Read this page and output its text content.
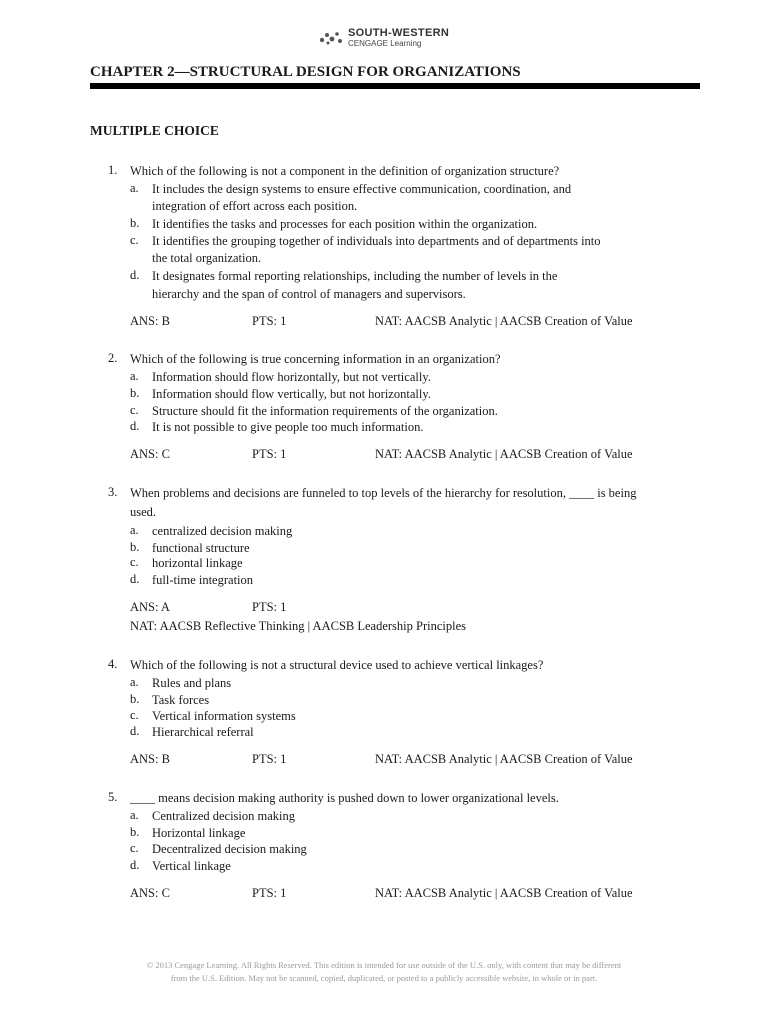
SOUTH-WESTERN
CENGAGE Learning
CHAPTER 2—STRUCTURAL DESIGN FOR ORGANIZATIONS
MULTIPLE CHOICE
1. Which of the following is not a component in the definition of organization structure?
a. It includes the design systems to ensure effective communication, coordination, and
integration of effort across each position.
b. It identifies the tasks and processes for each position within the organization.
c. It identifies the grouping together of individuals into departments and of departments into
the total organization.
d. It designates formal reporting relationships, including the number of levels in the
hierarchy and the span of control of managers and supervisors.
ANS: B	PTS: 1	NAT: AACSB Analytic | AACSB Creation of Value
2. Which of the following is true concerning information in an organization?
a. Information should flow horizontally, but not vertically.
b. Information should flow vertically, but not horizontally.
c. Structure should fit the information requirements of the organization.
d. It is not possible to give people too much information.
ANS: C	PTS: 1	NAT: AACSB Analytic | AACSB Creation of Value
3. When problems and decisions are funneled to top levels of the hierarchy for resolution, ____ is being
used.
a. centralized decision making
b. functional structure
c. horizontal linkage
d. full-time integration
ANS: A	PTS: 1
NAT: AACSB Reflective Thinking | AACSB Leadership Principles
4. Which of the following is not a structural device used to achieve vertical linkages?
a. Rules and plans
b. Task forces
c. Vertical information systems
d. Hierarchical referral
ANS: B	PTS: 1	NAT: AACSB Analytic | AACSB Creation of Value
5. ____ means decision making authority is pushed down to lower organizational levels.
a. Centralized decision making
b. Horizontal linkage
c. Decentralized decision making
d. Vertical linkage
ANS: C	PTS: 1	NAT: AACSB Analytic | AACSB Creation of Value
© 2013 Cengage Learning. All Rights Reserved. This edition is intended for use outside of the U.S. only, with content that may be different
from the U.S. Edition. May not be scanned, copied, duplicated, or posted to a publicly accessible website, in whole or in part.
